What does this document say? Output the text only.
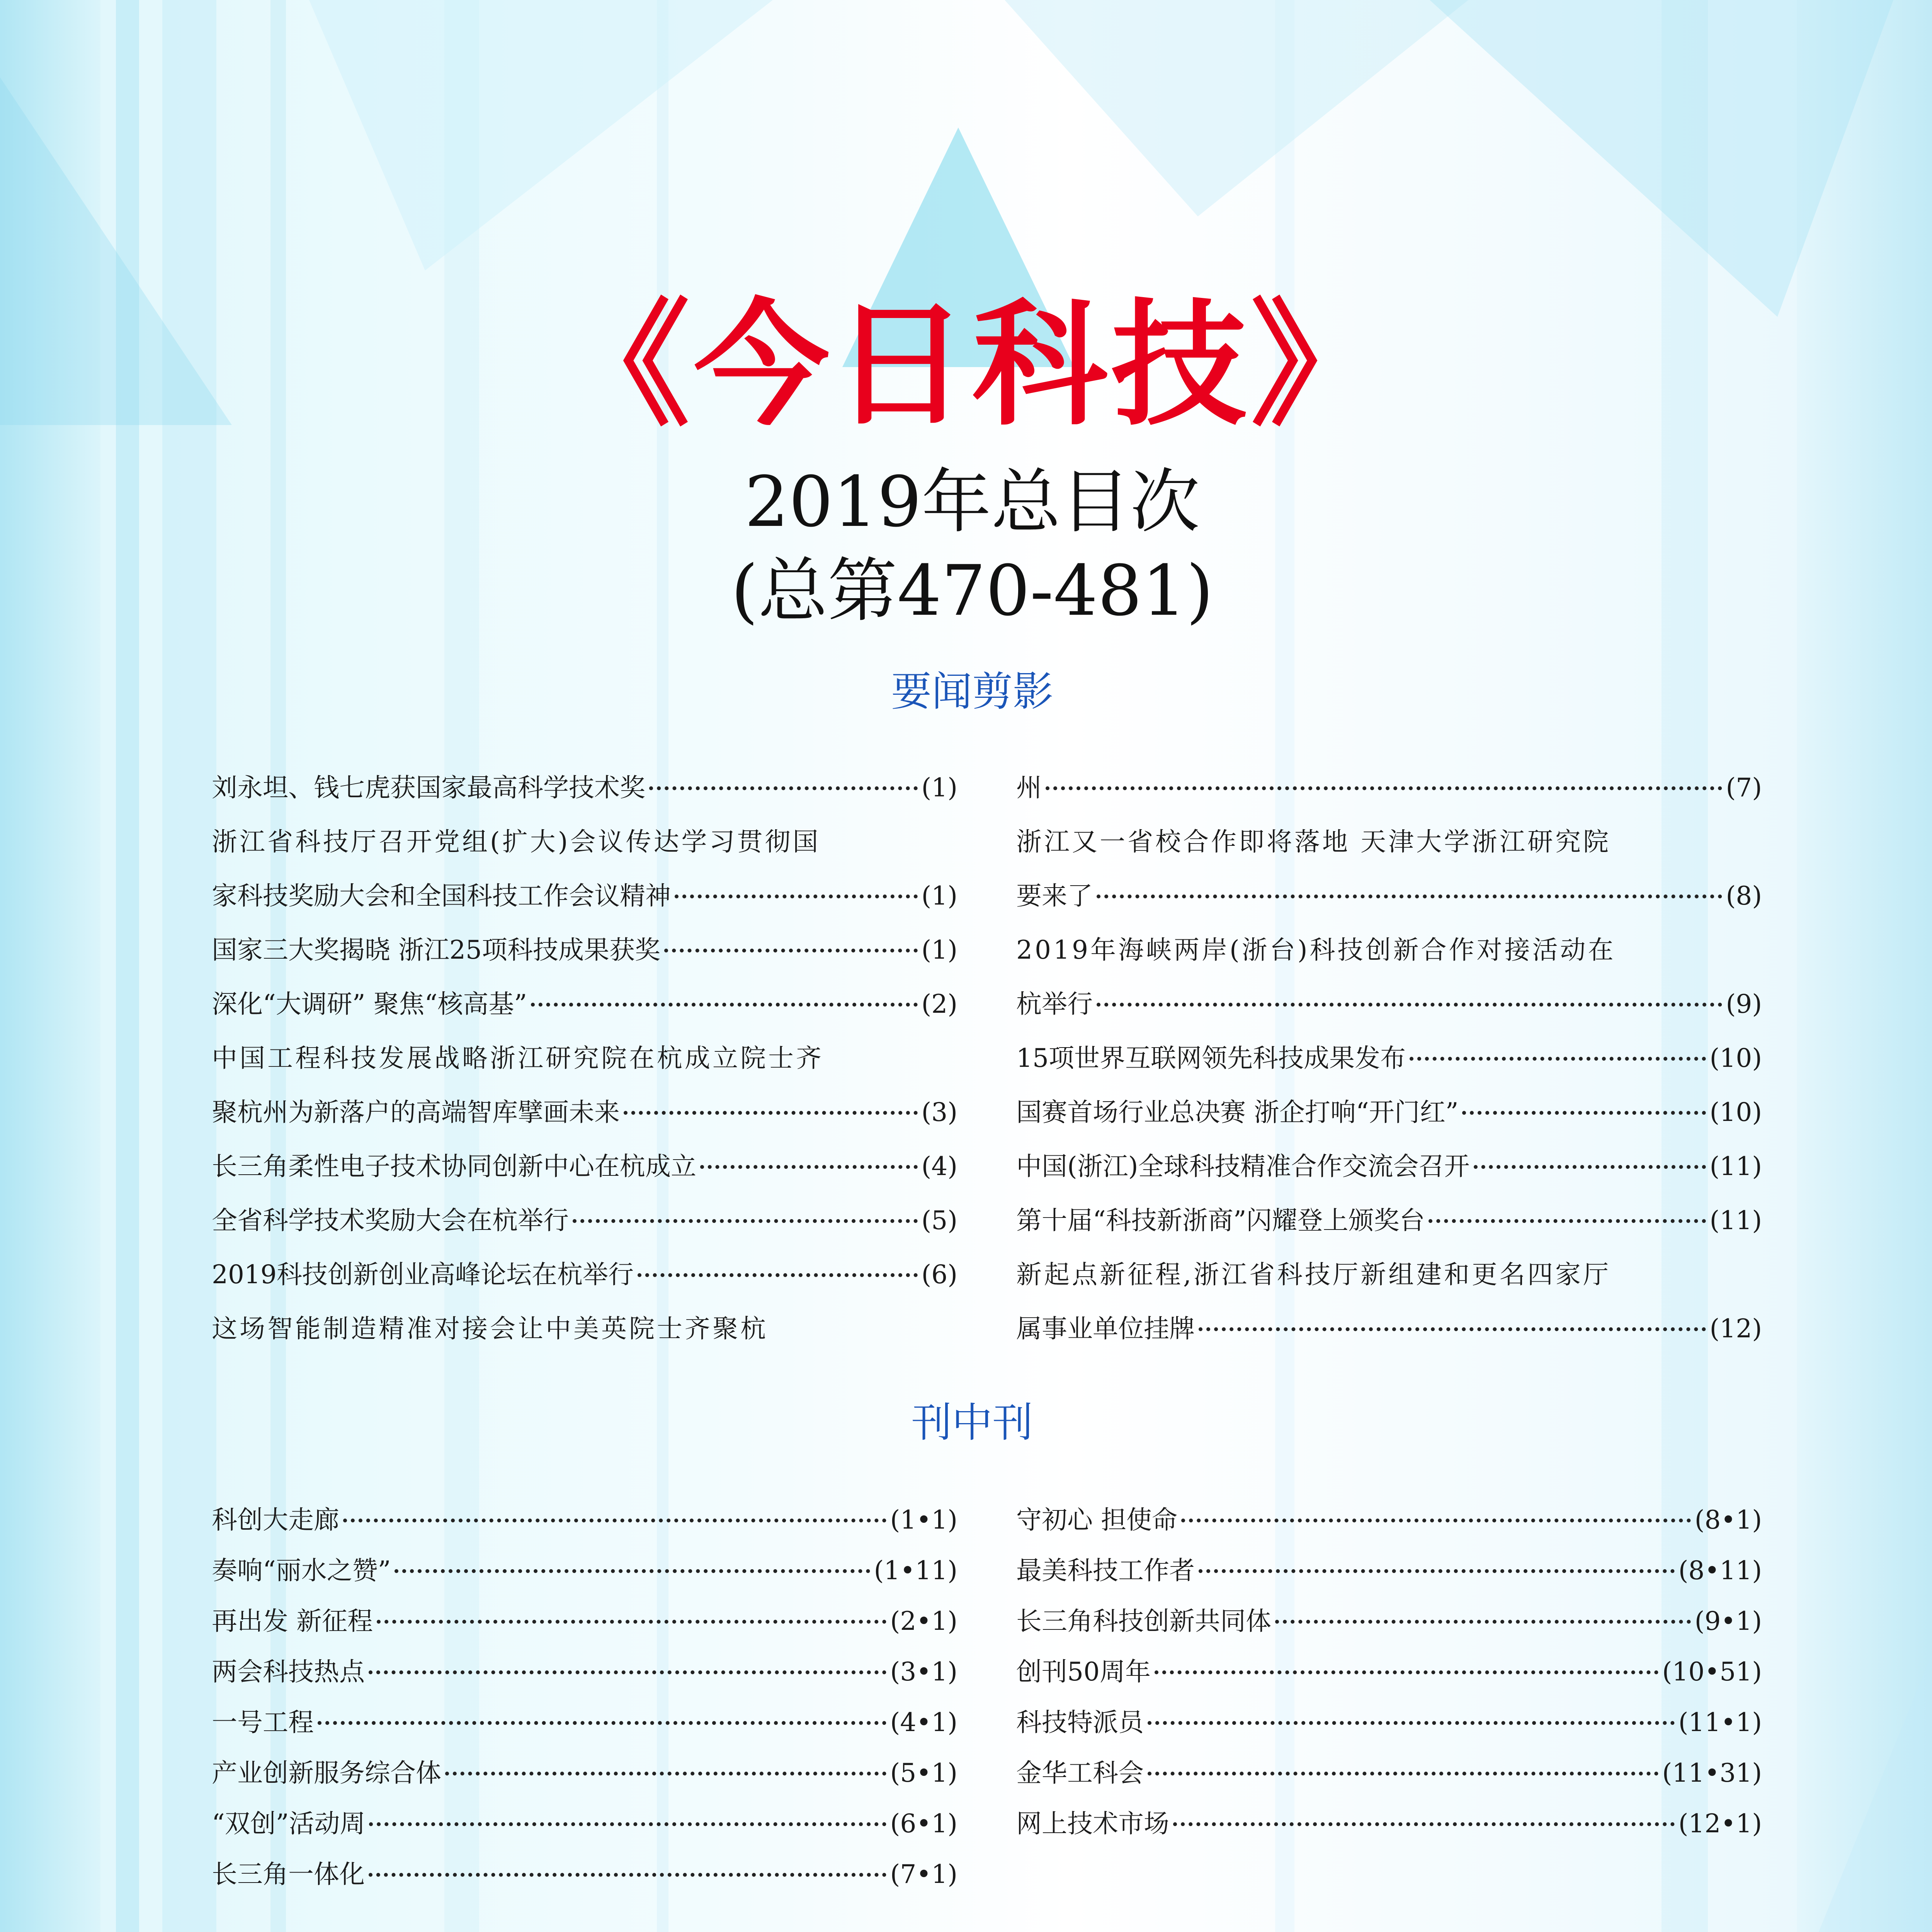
《今日科技》
2019年总目次
(总第470-481)
要闻剪影
刘永坦、钱七虎获国家最高科学技术奖	(1)
浙江省科技厅召开党组(扩大)会议传达学习贯彻国
家科技奖励大会和全国科技工作会议精神	(1)
国家三大奖揭晓 浙江25项科技成果获奖	(1)
深化“大调研” 聚焦“核高基”	(2)
中国工程科技发展战略浙江研究院在杭成立院士齐
聚杭州为新落户的高端智库擘画未来	(3)
长三角柔性电子技术协同创新中心在杭成立	(4)
全省科学技术奖励大会在杭举行	(5)
2019科技创新创业高峰论坛在杭举行	(6)
这场智能制造精准对接会让中美英院士齐聚杭
州	(7)
浙江又一省校合作即将落地 天津大学浙江研究院
要来了	(8)
2019年海峡两岸(浙台)科技创新合作对接活动在
杭举行	(9)
15项世界互联网领先科技成果发布	(10)
国赛首场行业总决赛 浙企打响“开门红”	(10)
中国(浙江)全球科技精准合作交流会召开	(11)
第十届“科技新浙商”闪耀登上颁奖台	(11)
新起点新征程,浙江省科技厅新组建和更名四家厅
属事业单位挂牌	(12)
刊中刊
科创大走廊	(1•1)
奏响“丽水之赞”	(1•11)
再出发 新征程	(2•1)
两会科技热点	(3•1)
一号工程	(4•1)
产业创新服务综合体	(5•1)
“双创”活动周	(6•1)
长三角一体化	(7•1)
守初心 担使命	(8•1)
最美科技工作者	(8•11)
长三角科技创新共同体	(9•1)
创刊50周年	(10•51)
科技特派员	(11•1)
金华工科会	(11•31)
网上技术市场	(12•1)
